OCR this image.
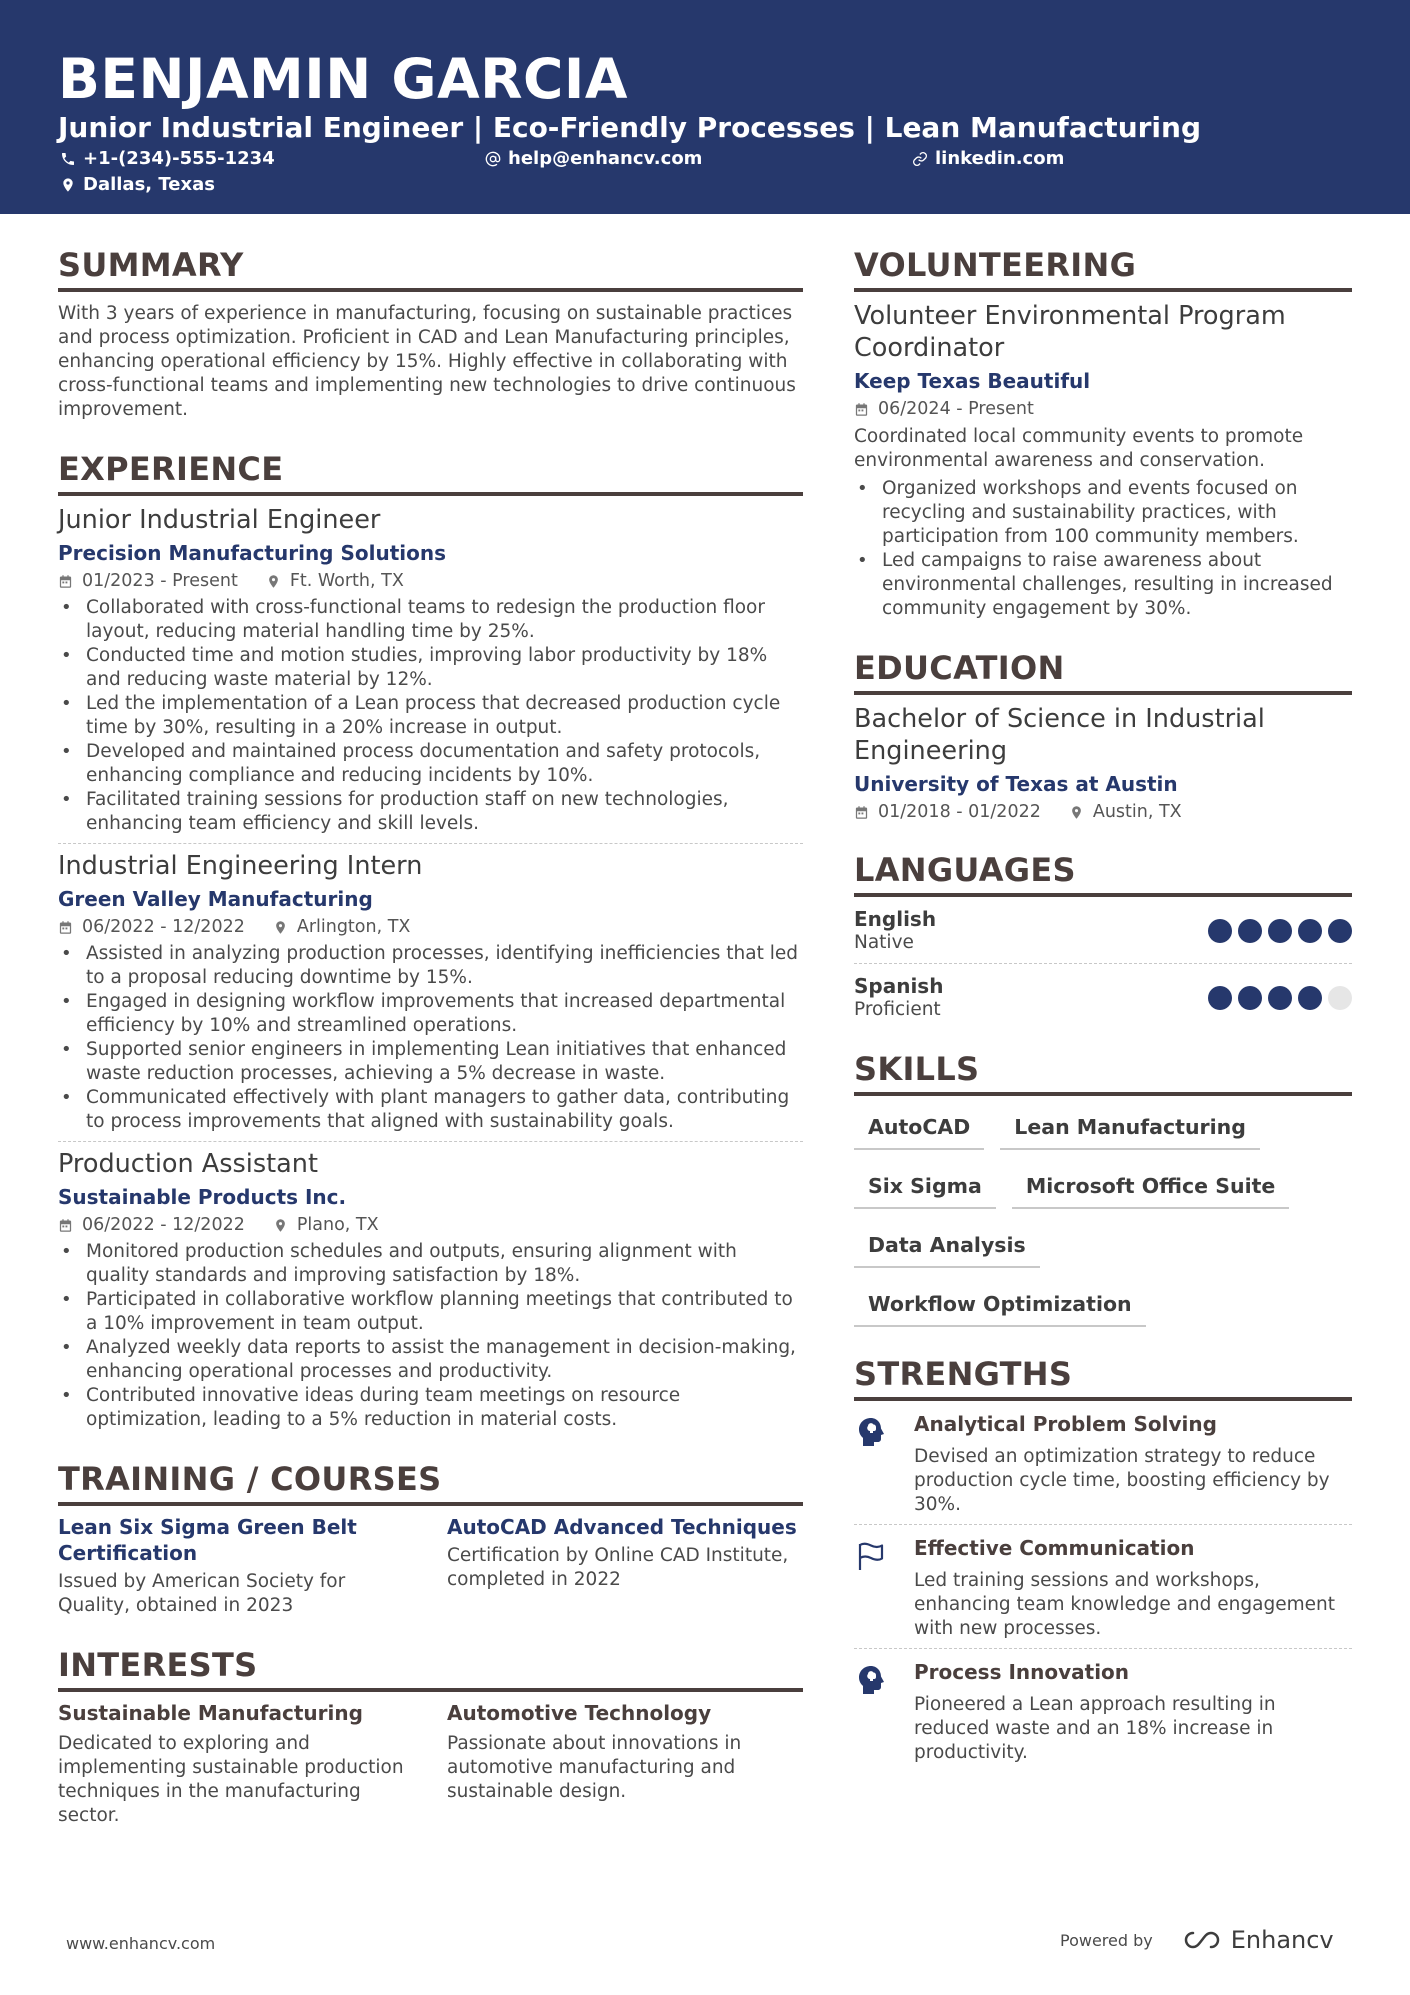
BENJAMIN GARCIA
Junior Industrial Engineer | Eco-Friendly Processes | Lean Manufacturing
+1-(234)-555-1234	help@enhancv.com	linkedin.com
Dallas, Texas
SUMMARY
With 3 years of experience in manufacturing, focusing on sustainable practices and process optimization. Proficient in CAD and Lean Manufacturing principles, enhancing operational efficiency by 15%. Highly effective in collaborating with cross-functional teams and implementing new technologies to drive continuous improvement.
EXPERIENCE
Junior Industrial Engineer
Precision Manufacturing Solutions
01/2023 - Present	Ft. Worth, TX
• Collaborated with cross-functional teams to redesign the production floor layout, reducing material handling time by 25%.
• Conducted time and motion studies, improving labor productivity by 18% and reducing waste material by 12%.
• Led the implementation of a Lean process that decreased production cycle time by 30%, resulting in a 20% increase in output.
• Developed and maintained process documentation and safety protocols, enhancing compliance and reducing incidents by 10%.
• Facilitated training sessions for production staff on new technologies, enhancing team efficiency and skill levels.
Industrial Engineering Intern
Green Valley Manufacturing
06/2022 - 12/2022	Arlington, TX
• Assisted in analyzing production processes, identifying inefficiencies that led to a proposal reducing downtime by 15%.
• Engaged in designing workflow improvements that increased departmental efficiency by 10% and streamlined operations.
• Supported senior engineers in implementing Lean initiatives that enhanced waste reduction processes, achieving a 5% decrease in waste.
• Communicated effectively with plant managers to gather data, contributing to process improvements that aligned with sustainability goals.
Production Assistant
Sustainable Products Inc.
06/2022 - 12/2022	Plano, TX
• Monitored production schedules and outputs, ensuring alignment with quality standards and improving satisfaction by 18%.
• Participated in collaborative workflow planning meetings that contributed to a 10% improvement in team output.
• Analyzed weekly data reports to assist the management in decision-making, enhancing operational processes and productivity.
• Contributed innovative ideas during team meetings on resource optimization, leading to a 5% reduction in material costs.
TRAINING / COURSES
Lean Six Sigma Green Belt Certification
Issued by American Society for Quality, obtained in 2023
AutoCAD Advanced Techniques
Certification by Online CAD Institute, completed in 2022
INTERESTS
Sustainable Manufacturing
Dedicated to exploring and implementing sustainable production techniques in the manufacturing sector.
Automotive Technology
Passionate about innovations in automotive manufacturing and sustainable design.
VOLUNTEERING
Volunteer Environmental Program Coordinator
Keep Texas Beautiful
06/2024 - Present
Coordinated local community events to promote environmental awareness and conservation.
• Organized workshops and events focused on recycling and sustainability practices, with participation from 100 community members.
• Led campaigns to raise awareness about environmental challenges, resulting in increased community engagement by 30%.
EDUCATION
Bachelor of Science in Industrial Engineering
University of Texas at Austin
01/2018 - 01/2022	Austin, TX
LANGUAGES
English
Native
Spanish
Proficient
SKILLS
AutoCAD	Lean Manufacturing
Six Sigma	Microsoft Office Suite
Data Analysis
Workflow Optimization
STRENGTHS
Analytical Problem Solving
Devised an optimization strategy to reduce production cycle time, boosting efficiency by 30%.
Effective Communication
Led training sessions and workshops, enhancing team knowledge and engagement with new processes.
Process Innovation
Pioneered a Lean approach resulting in reduced waste and an 18% increase in productivity.
www.enhancv.com	Powered by	Enhancv
